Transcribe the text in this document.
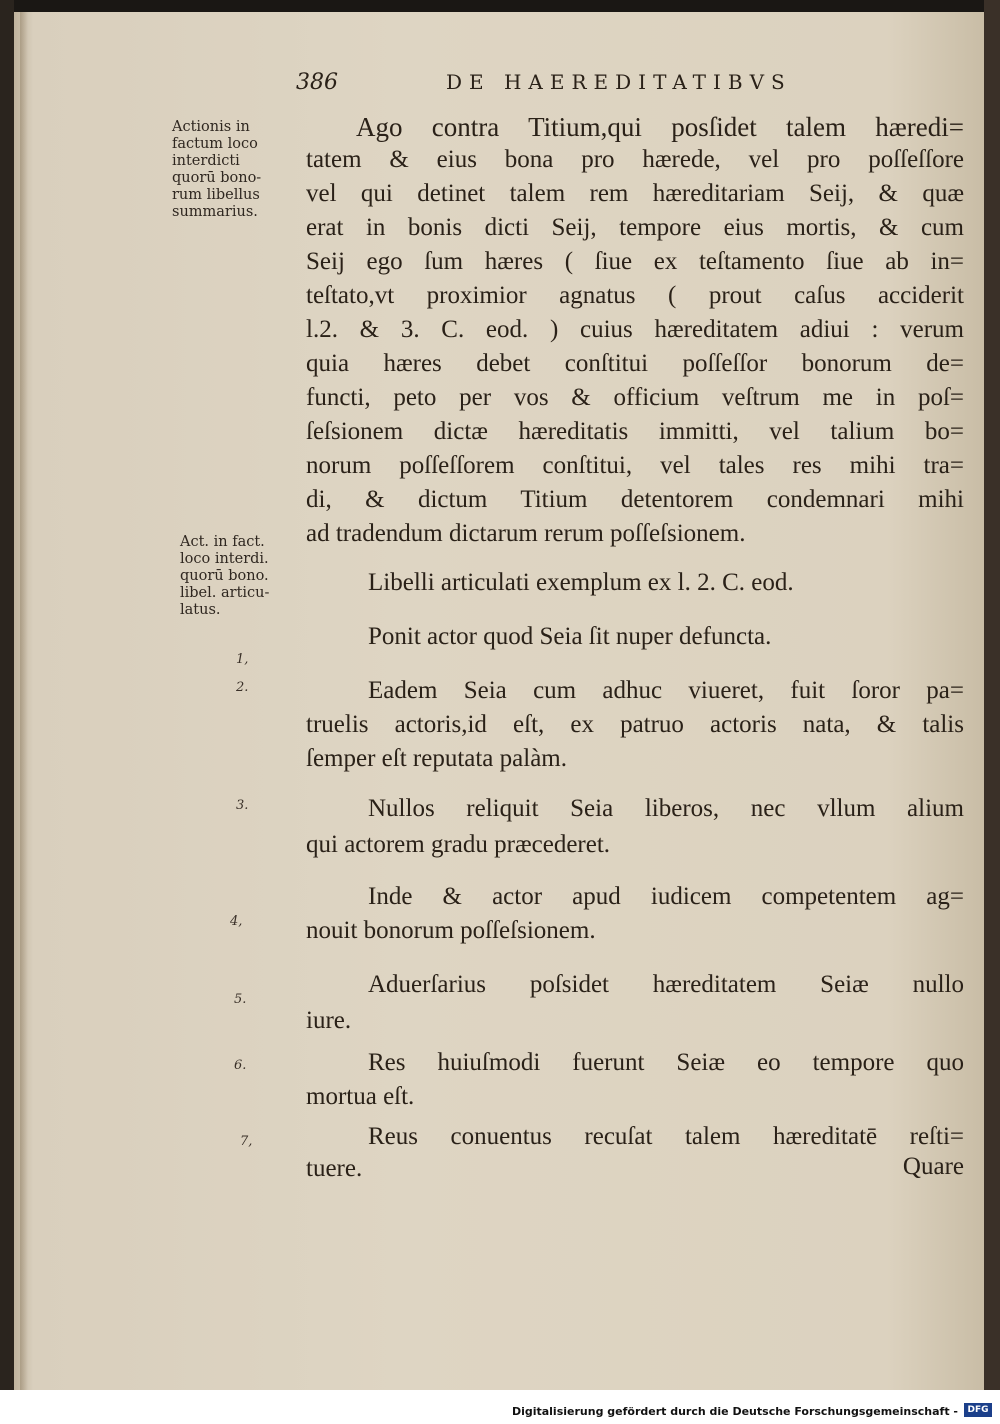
386	DE HAEREDITATIBVS
Actionis in
factum loco
interdicti
quorū bono-
rum libellus
summarius.
Act. in fact.
loco interdi.
quorū bono.
libel. articu-
latus.
1,
2.
3.
4,
5.
6.
7,
Ago contra Titium,qui posſidet talem hæredi=
tatem & eius bona pro hærede, vel pro poſſeſſore
vel qui detinet talem rem hæreditariam Seij, & quæ
erat in bonis dicti Seij, tempore eius mortis, & cum
Seij ego ſum hæres ( ſiue ex teſtamento ſiue ab in=
teſtato,vt proximior agnatus ( prout caſus acciderit
l.2. & 3. C. eod. ) cuius hæreditatem adiui : verum
quia hæres debet conſtitui poſſeſſor bonorum de=
functi, peto per vos & officium veſtrum me in poſ=
ſeſsionem dictæ hæreditatis immitti, vel talium bo=
norum poſſeſſorem conſtitui, vel tales res mihi tra=
di, & dictum Titium detentorem condemnari mihi
ad tradendum dictarum rerum poſſeſsionem.
Libelli articulati exemplum ex l. 2. C. eod.
Ponit actor quod Seia ſit nuper defuncta.
Eadem Seia cum adhuc viueret, fuit ſoror pa=
truelis actoris,id eſt, ex patruo actoris nata, & talis
ſemper eſt reputata palàm.
Nullos reliquit Seia liberos, nec vllum alium
qui actorem gradu præcederet.
Inde & actor apud iudicem competentem ag=
nouit bonorum poſſeſsionem.
Aduerſarius poſsidet hæreditatem Seiæ nullo
iure.
Res huiuſmodi fuerunt Seiæ eo tempore quo
mortua eſt.
Reus conuentus recuſat talem hæreditatē reſti=
tuere.	Quare
Digitalisierung gefördert durch die Deutsche Forschungsgemeinschaft -	DFG
